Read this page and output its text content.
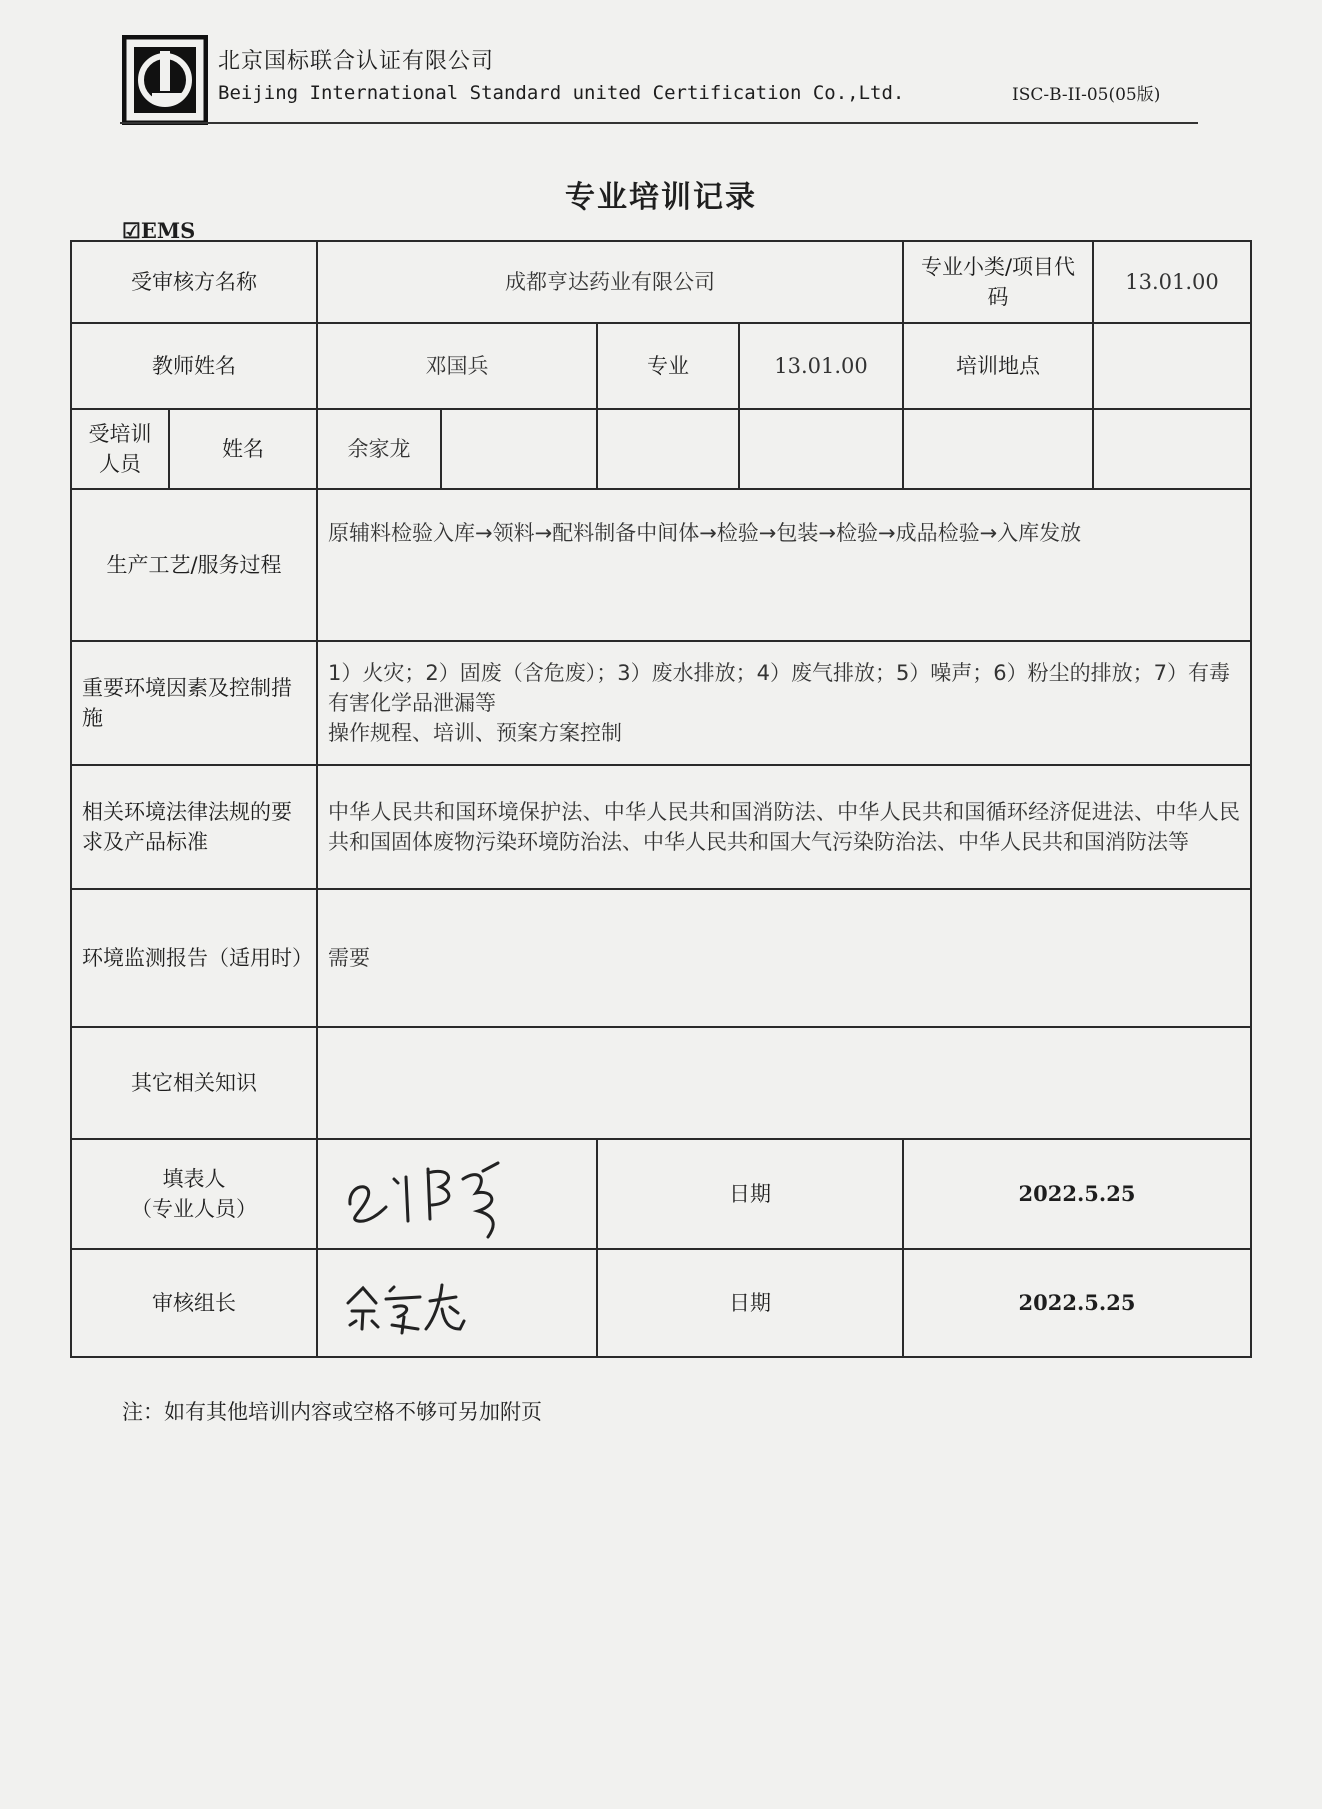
北京国标联合认证有限公司
Beijing International Standard united Certification Co.,Ltd.	ISC-B-II-05(05版)
专业培训记录
☑EMS
受审核方名称		成都亨达药业有限公司				专业小类/项目代码	13.01.00
教师姓名		邓国兵		专业	13.01.00	培训地点	
受培训人员	姓名	余家龙					
生产工艺/服务过程		原辅料检验入库→领料→配料制备中间体→检验→包装→检验→成品检验→入库发放					
重要环境因素及控制措施		1）火灾；2）固废（含危废）；3）废水排放；4）废气排放；5）噪声；6）粉尘的排放；7）有毒有害化学品泄漏等
操作规程、培训、预案方案控制					

相关环境法律法规的要求及产品标准		中华人民共和国环境保护法、中华人民共和国消防法、中华人民共和国循环经济促进法、中华人民共和国固体废物污染环境防治法、中华人民共和国大气污染防治法、中华人民共和国消防法等					
环境监测报告（适用时）		需要					
其它相关知识							

填表人
（专业人员）				日期		2022.5.25	
审核组长				日期		2022.5.25	
注：如有其他培训内容或空格不够可另加附页
